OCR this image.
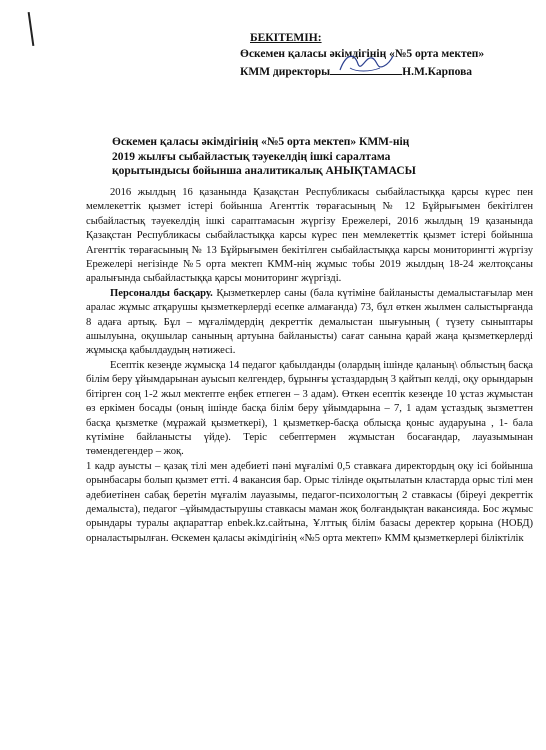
БЕКІТЕМІН:
Өскемен қаласы әкімдігінің «№5 орта мектеп»
КММ директоры	Н.М.Карпова
Өскемен қаласы әкімдігінің «№5 орта мектеп» КММ-нің
2019 жылғы сыбайластық тәуекелдің ішкі саралтама
қорытындысы бойынша аналитикалық АНЫҚТАМАСЫ

2016 жылдың 16 қазанында Қазақстан Республикасы сыбайластыққа қарсы күрес пен мемлекеттік қызмет істері бойынша Агенттік төрағасының № 12 Бұйрығымен бекітілген сыбайластық тәуекелдің ішкі сараптамасын жүргізу Ережелері, 2016 жылдың 19 қазанында Қазақстан Республикасы сыбайластыққа карсы күрес пен мемлекеттік қызмет істері бойынша Агенттік төрағасының № 13 Бұйрығымен бекітілген сыбайластыққа карсы мониторингті жүргізу Ережелері негізінде №5 орта мектеп КММ-нің жұмыс тобы 2019 жылдың 18-24 желтоқсаны аралығында сыбайластыққа қарсы мониторинг жүргізді.

Персоналды басқару. Қызметкерлер саны (бала күтіміне байланысты демалыстағылар мен аралас жұмыс атқарушы қызметкерлерді есепке алмағанда) 73, бұл өткен жылмен салыстырғанда 8 адаға артық. Бұл – мұғалімдердің декреттік демалыстан шығуының ( түзету сыныптары ашылуына, оқушылар санының артуына байланысты) сағат санына қарай жаңа қызметкерлерді жұмысқа қабылдаудың нәтижесі.

Есептік кезеңде жұмысқа 14 педагог қабылданды (олардың ішінде қаланың\ облыстың басқа білім беру ұйымдарынан ауысып келгендер, бұрынғы ұстаздардың 3 қайтып келді, оқу орындарын бітірген соң 1-2 жыл мектепте еңбек етпеген – 3 адам). Өткен есептік кезеңде 10 ұстаз жұмыстан өз еркімен босады (оның ішінде басқа білім беру ұйымдарына – 7, 1 адам ұстаздық зызметтен басқа қызметке (мұражай қызметкері), 1 қызметкер-басқа облысқа қоныс аударуына , 1- бала күтіміне байланысты үйде). Теріс себептермен жұмыстан босағандар, лауазымынан төмендегендер – жоқ.

1 кадр ауысты – қазақ тілі мен әдебиеті пәні мұғалімі 0,5 ставкаға директордың оқу ісі бойынша орынбасары болып қызмет етті. 4 вакансия бар. Орыс тілінде оқытылатын кластарда орыс тілі мен әдебиетінен сабақ беретін мұғалім лауазымы, педагог-психологтың 2 ставкасы (біреуі декреттік демалыста), педагог –ұйымдастырушы ставкасы маман жоқ болғандықтан вакансияда. Бос жұмыс орындары туралы ақпараттар enbek.kz.сайтына, Ұлттық білім базасы деректер қорына (НОБД) орналастырылған. Өскемен қаласы әкімдігінің «№5 орта мектеп» КММ қызметкерлері біліктілік
